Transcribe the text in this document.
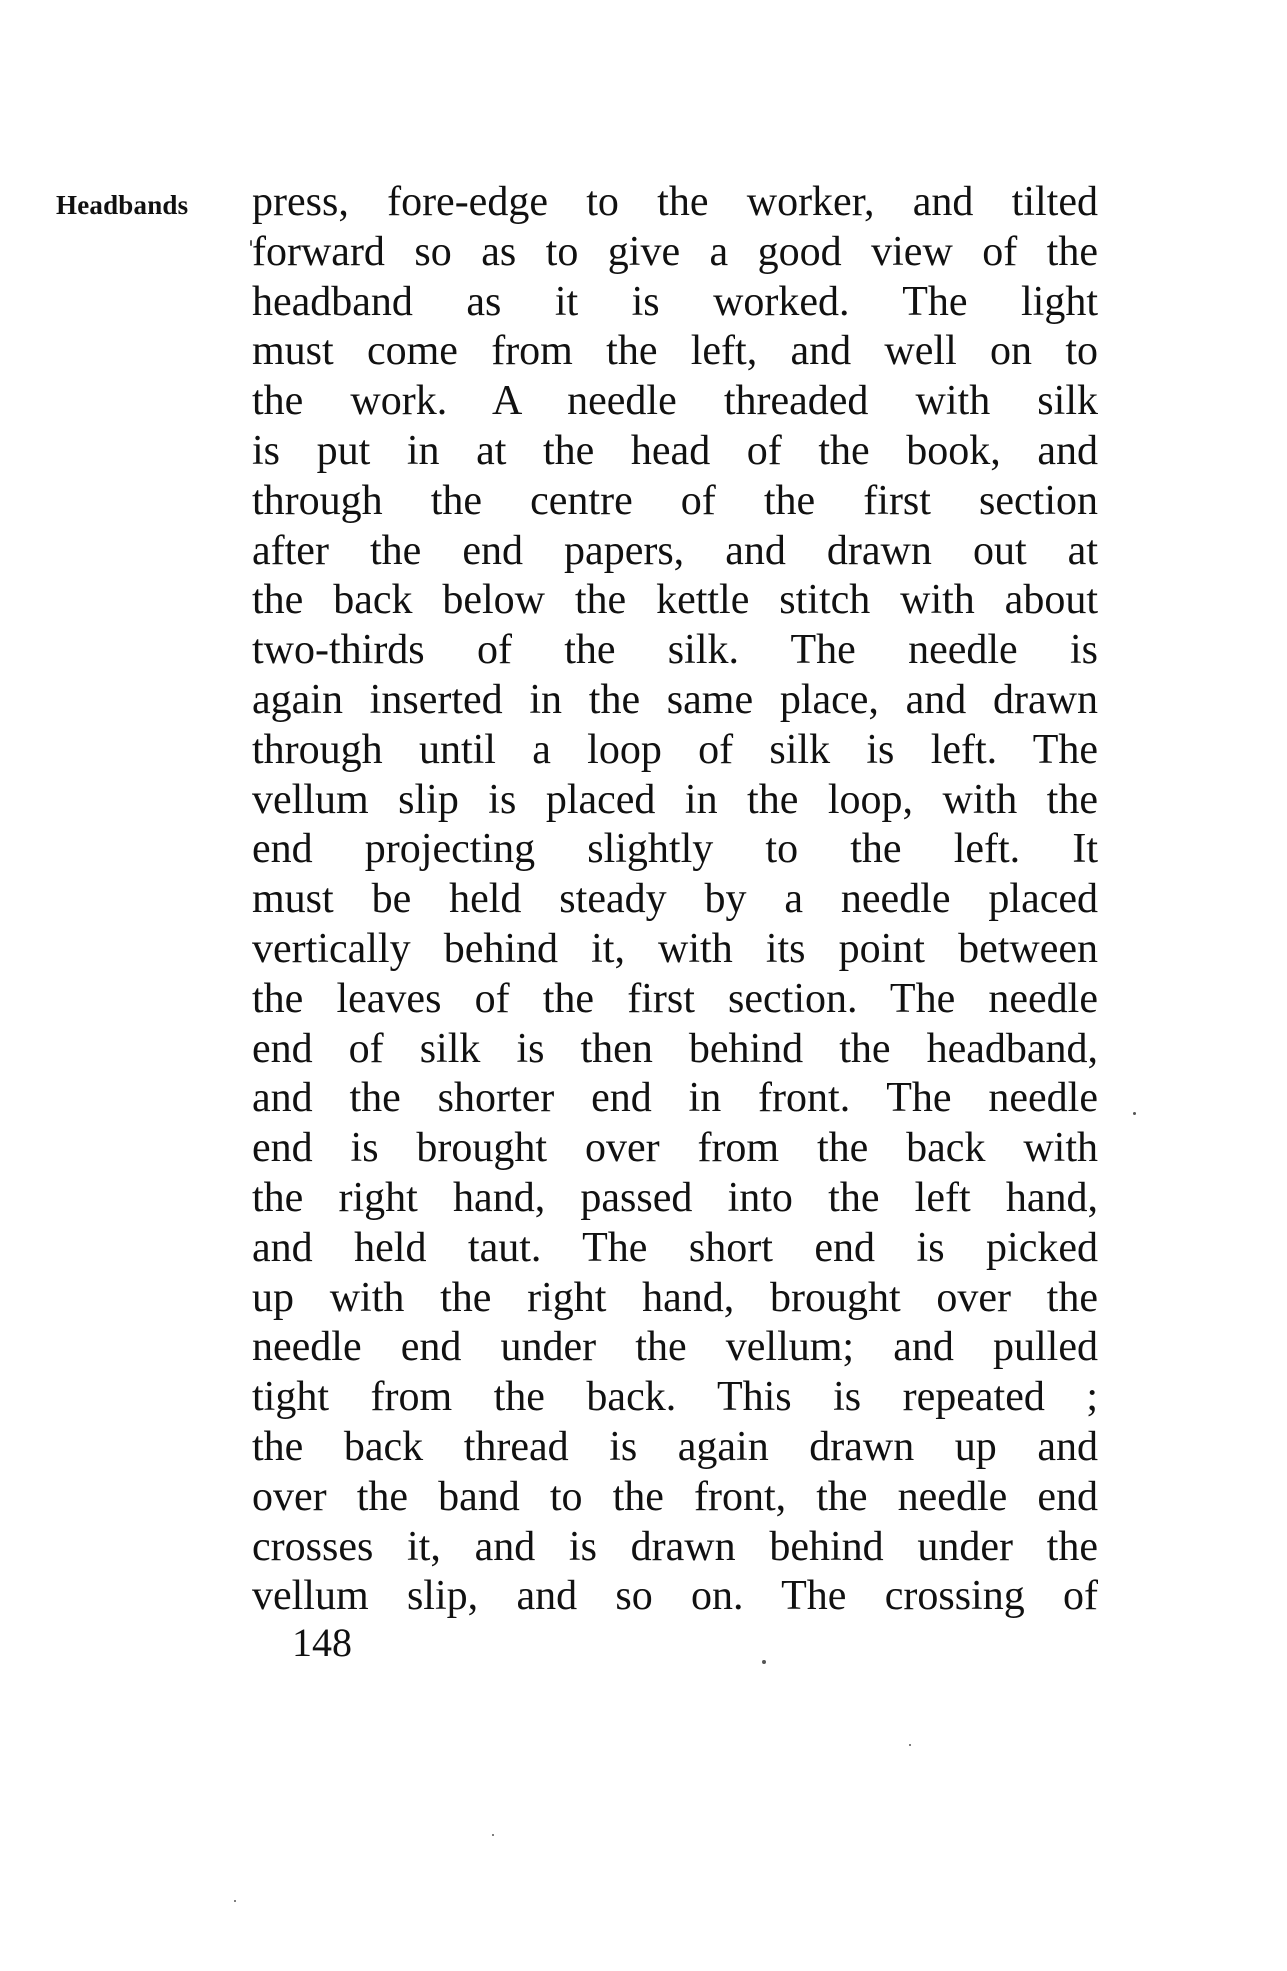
Headbands press, fore-edge to the worker, and tilted
forward so as to give a good view of the
headband as it is worked. The light
must come from the left, and well on to
the work. A needle threaded with silk
is put in at the head of the book, and
through the centre of the first section
after the end papers, and drawn out at
the back below the kettle stitch with about
two-thirds of the silk. The needle is
again inserted in the same place, and drawn
through until a loop of silk is left. The
vellum slip is placed in the loop, with the
end projecting slightly to the left. It
must be held steady by a needle placed
vertically behind it, with its point between
the leaves of the first section. The needle
end of silk is then behind the headband,
and the shorter end in front. The needle
end is brought over from the back with
the right hand, passed into the left hand,
and held taut. The short end is picked
up with the right hand, brought over the
needle end under the vellum; and pulled
tight from the back. This is repeated ;
the back thread is again drawn up and
over the band to the front, the needle end
crosses it, and is drawn behind under the
vellum slip, and so on. The crossing of
148
